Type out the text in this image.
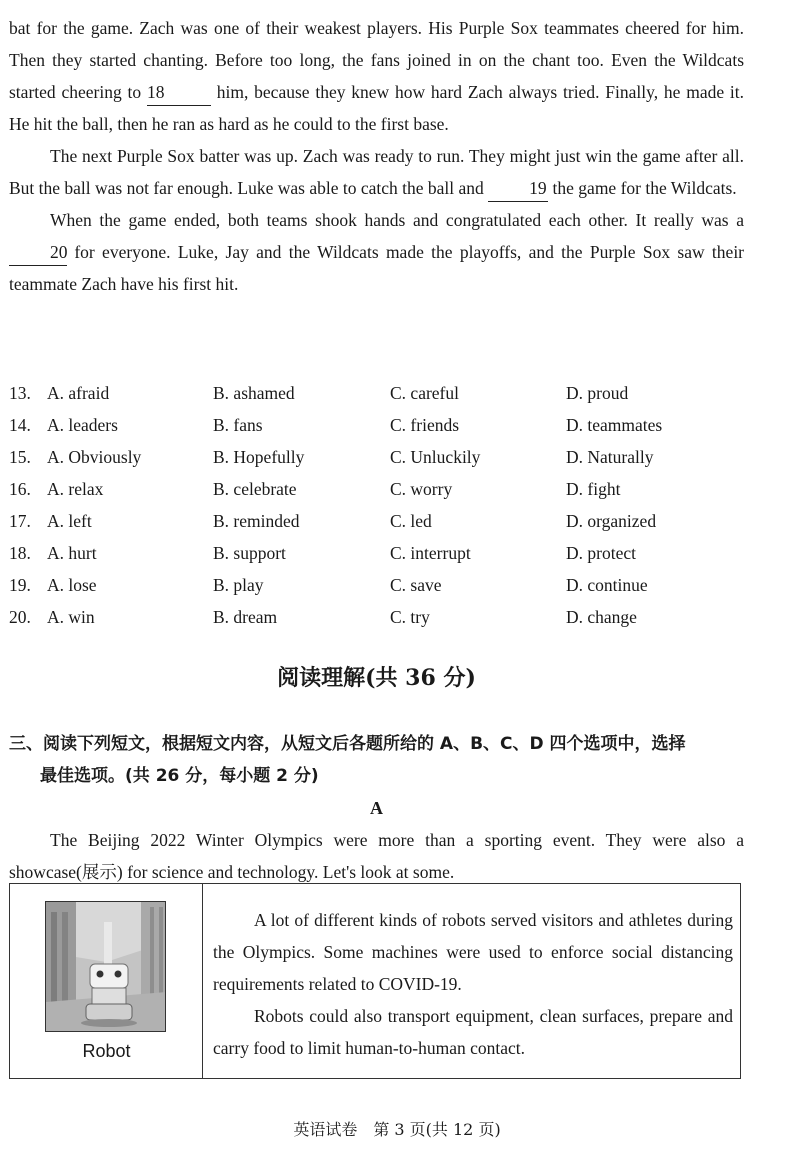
bat for the game. Zach was one of their weakest players. His Purple Sox teammates cheered for him. Then they started chanting. Before too long, the fans joined in on the chant too. Even the Wildcats started cheering to 18	him, because they knew how hard Zach always tried. Finally, he made it. He hit the ball, then he ran as hard as he could to the first base.

The next Purple Sox batter was up. Zach was ready to run. They might just win the game after all. But the ball was not far enough. Luke was able to catch the ball and	19 the game for the Wildcats.

When the game ended, both teams shook hands and congratulated each other. It really was a 20 for everyone. Luke, Jay and the Wildcats made the playoffs, and the Purple Sox saw their teammate Zach have his first hit.

13. A. afraid	B. ashamed	C. careful	D. proud
14. A. leaders	B. fans	C. friends	D. teammates
15. A. Obviously	B. Hopefully	C. Unluckily	D. Naturally
16. A. relax	B. celebrate	C. worry	D. fight
17. A. left	B. reminded	C. led	D. organized
18. A. hurt	B. support	C. interrupt	D. protect
19. A. lose	B. play	C. save	D. continue
20. A. win	B. dream	C. try	D. change
阅读理解(共 36 分)
三、阅读下列短文，根据短文内容，从短文后各题所给的 A、B、C、D 四个选项中，选择
最佳选项。(共 26 分，每小题 2 分)
A

The Beijing 2022 Winter Olympics were more than a sporting event. They were also a showcase(展示) for science and technology. Let's look at some.

Robot

A lot of different kinds of robots served visitors and athletes during the Olympics. Some machines were used to enforce social distancing requirements related to COVID-19.

Robots could also transport equipment, clean surfaces, prepare and carry food to limit human-to-human contact.

英语试卷　第 3 页(共 12 页)
